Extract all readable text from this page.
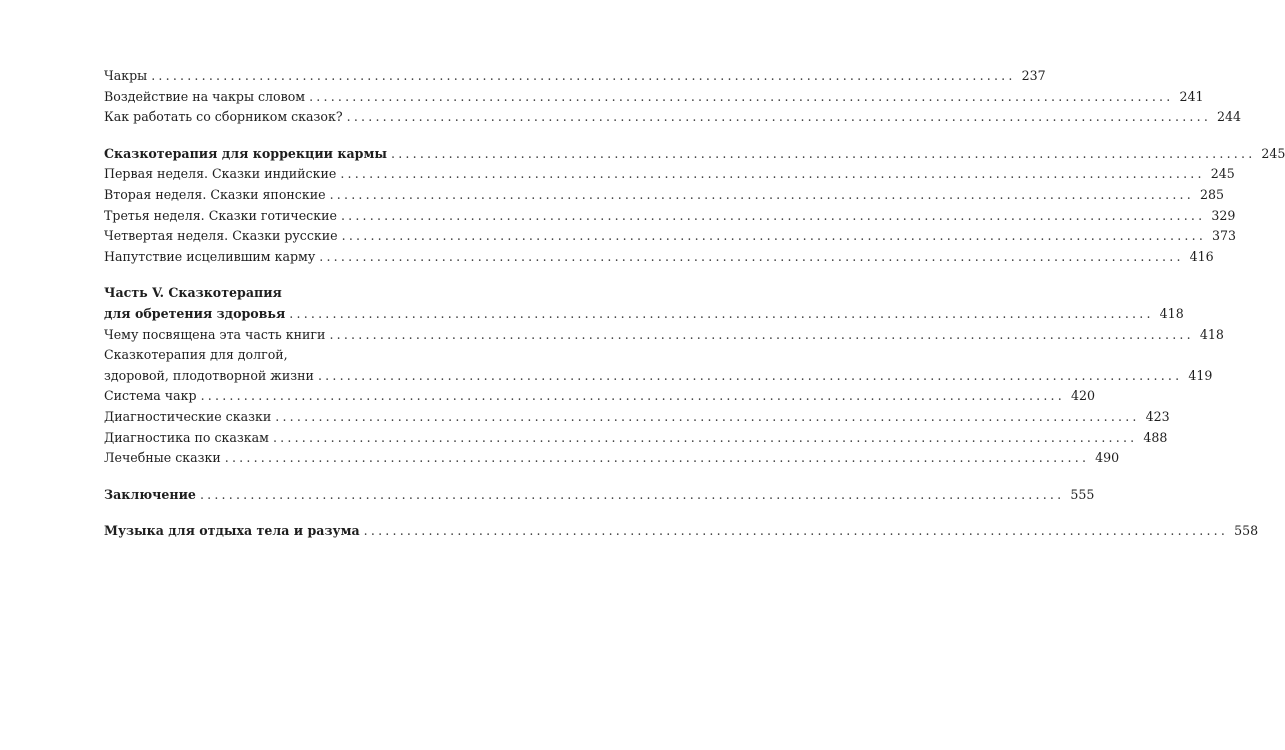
Чакры ........................................................................................................................ 237
Воздействие на чакры словом ........................................................................................................................ 241
Как работать со сборником сказок? ........................................................................................................................ 244
Сказкотерапия для коррекции кармы ........................................................................................................................ 245
Первая неделя. Сказки индийские ........................................................................................................................ 245
Вторая неделя. Сказки японские ........................................................................................................................ 285
Третья неделя. Сказки готические ........................................................................................................................ 329
Четвертая неделя. Сказки русские ........................................................................................................................ 373
Напутствие исцелившим карму ........................................................................................................................ 416
Часть V. Сказкотерапия
для обретения здоровья ........................................................................................................................ 418
Чему посвящена эта часть книги ........................................................................................................................ 418
Сказкотерапия для долгой,
здоровой, плодотворной жизни ........................................................................................................................ 419
Система чакр ........................................................................................................................ 420
Диагностические сказки ........................................................................................................................ 423
Диагностика по сказкам ........................................................................................................................ 488
Лечебные сказки ........................................................................................................................ 490
Заключение ........................................................................................................................ 555
Музыка для отдыха тела и разума ........................................................................................................................ 558
